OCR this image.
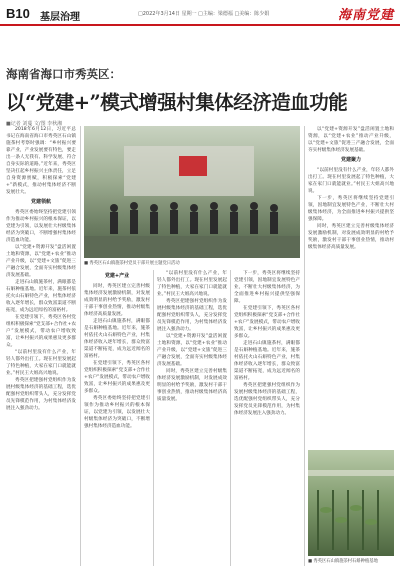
B10 基层治理	□2022年3月14日 星期一 □主编：梁德福 □美编：陈少娟	海南党建
海南省海口市秀英区：
以“党建+”模式增强村集体经济造血功能
■记者 刘蔓 文/图 李秋湘

2018年6月12日，习近平总书记在海南省海口市秀英区石山镇施茶村考察时强调：“乡村振兴要靠产业，产业发展要有特色，要走出一条人无我有、科学发展、符合自身实际的道路。”近年来，秀英区坚决扛起乡村振兴主体责任，立足自身资源禀赋，积极探索“党建+”新模式，推动村集体经济不断发展壮大。

党建领航

秀英区委始终坚持把党建引领作为推动乡村振兴的根本保证，以党建为引领，以发展壮大村级集体经济为突破口，不断增强村集体经济造血功能。

以“党建+资源开发”盘活闲置土地和资源，以“党建+农业”推动产业升级，以“党建+文旅”促进三产融合发展，全面夯实村级集体经济发展基础。

走进石山镇施茶村，满眼都是石斛种植基地。近年来，施茶村依托火山石斛特色产业，村集体经济收入逐年增长，群众致富渠道不断拓宽，成为远近闻名的富裕村。

在党建引领下，秀英区各村党组织积极探索“党支部+合作社+农户”发展模式，带动农户增收致富，让乡村振兴的成果惠及更多群众。

“以前村里没有什么产业，年轻人都外出打工。现在村里发展起了特色种植，大家在家门口就能就业。”村民王大姐高兴地说。

秀英区把建强村党组织作为发展村级集体经济的基础工程，选优配强村党组织带头人，充分发挥党员先锋模范作用，为村集体经济发展注入强劲动力。

■ 秀英区石山镇施茶村党员干部开展主题党日活动
党建+产业

同时，秀英区建立完善村级集体经济发展激励机制，对发展成效明显的村给予奖励，激发村干部干事创业热情，推动村级集体经济高质量发展。

走进石山镇施茶村，满眼都是石斛种植基地。近年来，施茶村依托火山石斛特色产业，村集体经济收入逐年增长，群众致富渠道不断拓宽，成为远近闻名的富裕村。

在党建引领下，秀英区各村党组织积极探索“党支部+合作社+农户”发展模式，带动农户增收致富，让乡村振兴的成果惠及更多群众。

秀英区委始终坚持把党建引领作为推动乡村振兴的根本保证，以党建为引领，以发展壮大村级集体经济为突破口，不断增强村集体经济造血功能。

“以前村里没有什么产业，年轻人都外出打工。现在村里发展起了特色种植，大家在家门口就能就业。”村民王大姐高兴地说。

秀英区把建强村党组织作为发展村级集体经济的基础工程，选优配强村党组织带头人，充分发挥党员先锋模范作用，为村集体经济发展注入强劲动力。

以“党建+资源开发”盘活闲置土地和资源，以“党建+农业”推动产业升级，以“党建+文旅”促进三产融合发展，全面夯实村级集体经济发展基础。

同时，秀英区建立完善村级集体经济发展激励机制，对发展成效明显的村给予奖励，激发村干部干事创业热情，推动村级集体经济高质量发展。

下一步，秀英区将继续坚持党建引领，因地制宜发展特色产业，不断壮大村级集体经济，为全面推进乡村振兴提供坚强保障。

在党建引领下，秀英区各村党组织积极探索“党支部+合作社+农户”发展模式，带动农户增收致富，让乡村振兴的成果惠及更多群众。

走进石山镇施茶村，满眼都是石斛种植基地。近年来，施茶村依托火山石斛特色产业，村集体经济收入逐年增长，群众致富渠道不断拓宽，成为远近闻名的富裕村。

秀英区把建强村党组织作为发展村级集体经济的基础工程，选优配强村党组织带头人，充分发挥党员先锋模范作用，为村集体经济发展注入强劲动力。

以“党建+资源开发”盘活闲置土地和资源，以“党建+农业”推动产业升级，以“党建+文旅”促进三产融合发展，全面夯实村级集体经济发展基础。

党建聚力

“以前村里没有什么产业，年轻人都外出打工。现在村里发展起了特色种植，大家在家门口就能就业。”村民王大姐高兴地说。

下一步，秀英区将继续坚持党建引领，因地制宜发展特色产业，不断壮大村级集体经济，为全面推进乡村振兴提供坚强保障。

同时，秀英区建立完善村级集体经济发展激励机制，对发展成效明显的村给予奖励，激发村干部干事创业热情，推动村级集体经济高质量发展。

■ 秀英区石山镇施茶村石斛种植基地
